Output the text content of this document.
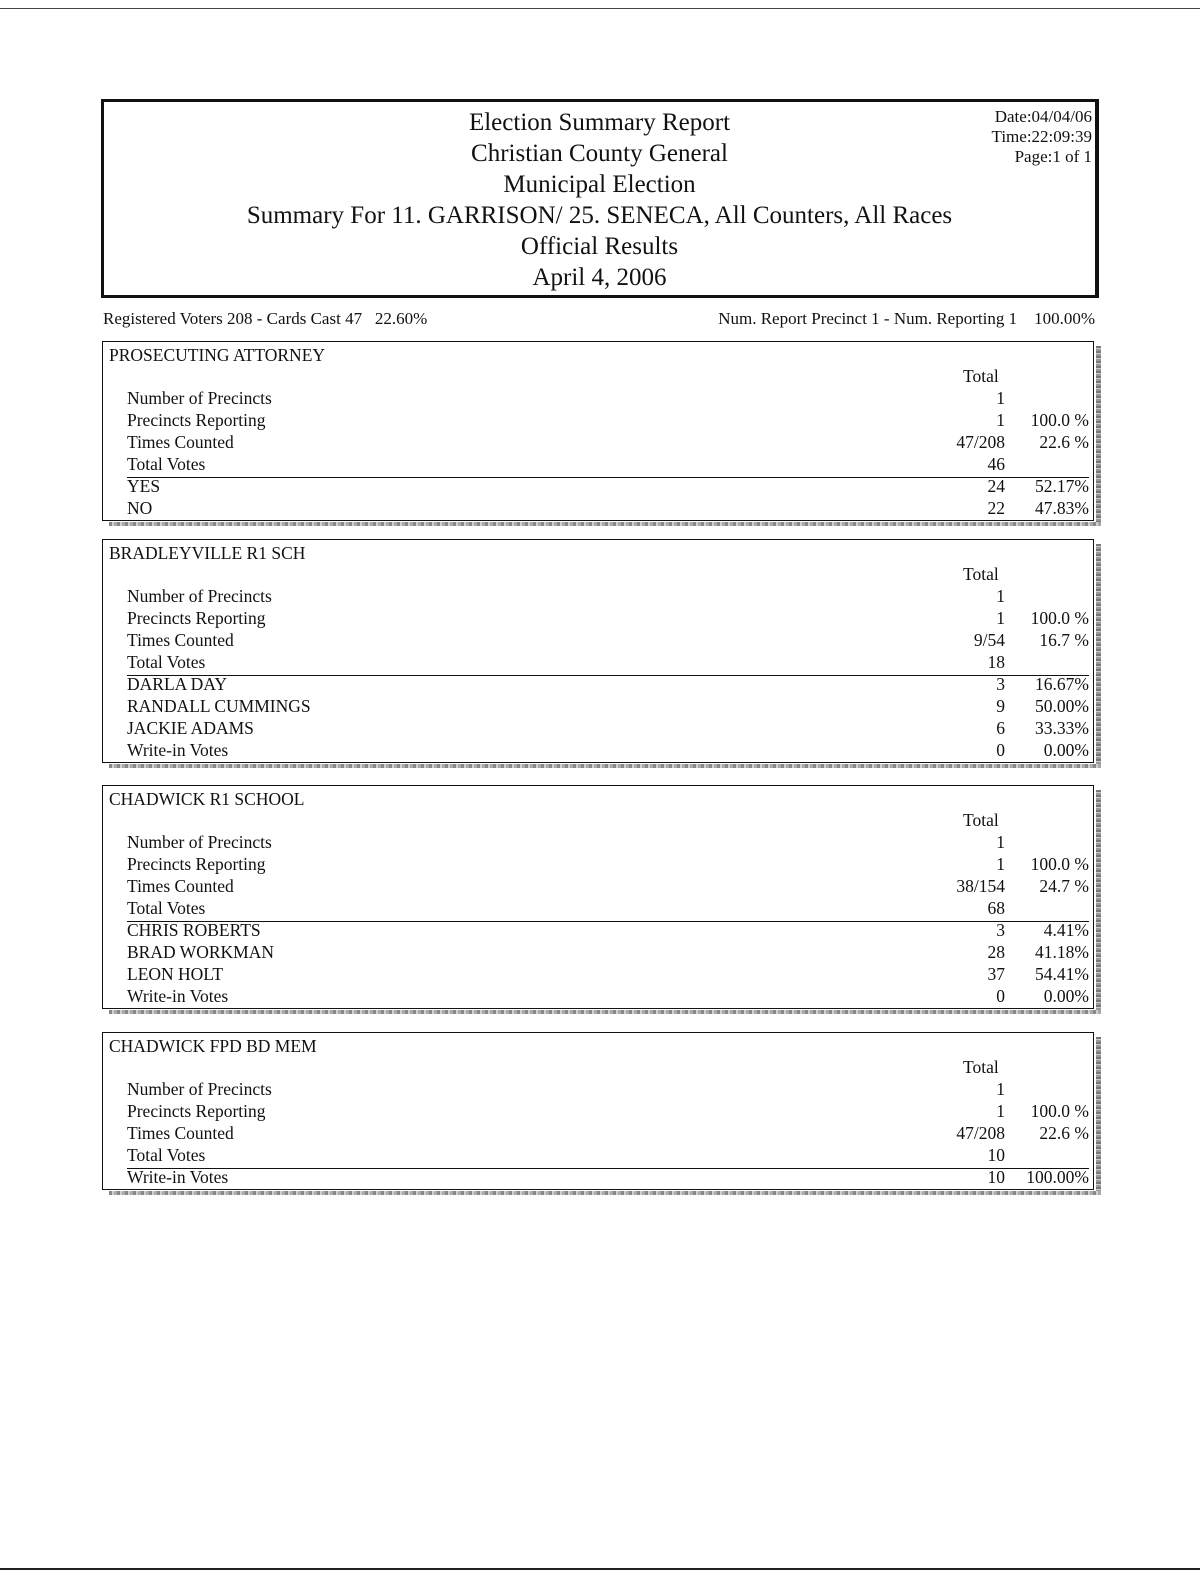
Election Summary Report
Christian County General
Municipal Election
Summary For 11. GARRISON/ 25. SENECA, All Counters, All Races
Official Results
April 4, 2006
Date:04/04/06
Time:22:09:39
Page:1 of 1
Registered Voters 208 - Cards Cast 47   22.60%	Num. Report Precinct 1 - Num. Reporting 1    100.00%
PROSECUTING ATTORNEY
Total
Number of Precincts	1
Precincts Reporting	1 100.0 %
Times Counted	47/208 22.6 %
Total Votes	46
YES	24 52.17%
NO	22 47.83%
BRADLEYVILLE R1 SCH
Total
Number of Precincts	1
Precincts Reporting	1 100.0 %
Times Counted	9/54 16.7 %
Total Votes	18
DARLA DAY	3 16.67%
RANDALL CUMMINGS	9 50.00%
JACKIE ADAMS	6 33.33%
Write-in Votes	0 0.00%
CHADWICK R1 SCHOOL
Total
Number of Precincts	1
Precincts Reporting	1 100.0 %
Times Counted	38/154 24.7 %
Total Votes	68
CHRIS ROBERTS	3 4.41%
BRAD WORKMAN	28 41.18%
LEON HOLT	37 54.41%
Write-in Votes	0 0.00%
CHADWICK FPD BD MEM
Total
Number of Precincts	1
Precincts Reporting	1 100.0 %
Times Counted	47/208 22.6 %
Total Votes	10
Write-in Votes	10 100.00%
